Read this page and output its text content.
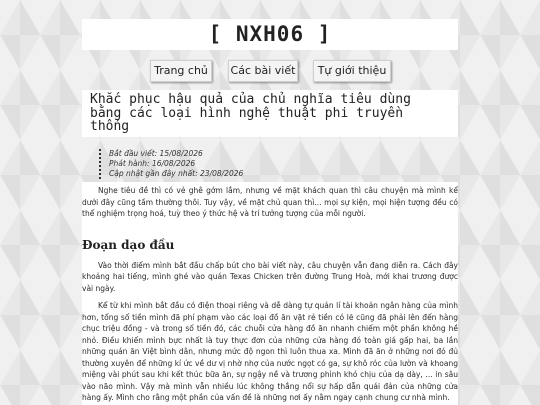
[ NXH06 ]
Trang chủ	Các bài viết	Tự giới thiệu
Khắc phục hậu quả của chủ nghĩa tiêu dùng bằng các loại hình nghệ thuật phi truyền thống
Bắt đầu viết: 15/08/2026
Phát hành: 16/08/2026
Cập nhật gần đây nhất: 23/08/2026

Nghe tiêu đề thì có vẻ ghê gớm lắm, nhưng về mặt khách quan thì câu chuyện mà mình kể dưới đây cũng tầm thường thôi. Tuy vậy, về mặt chủ quan thì... mọi sự kiện, mọi hiện tượng đều có thể nghiệm trọng hoá, tuỳ theo ý thức hệ và trí tưởng tượng của mỗi người.

Đoạn dạo đầu

Vào thời điểm mình bắt đầu chấp bút cho bài viết này, câu chuyện vẫn đang diễn ra. Cách đây khoảng hai tiếng, mình ghé vào quán Texas Chicken trên đường Trung Hoà, mới khai trương được vài ngày.

Kể từ khi mình bắt đầu có điện thoại riêng và dễ dàng tự quản lí tài khoản ngân hàng của mình hơn, tổng số tiền mình đã phí phạm vào các loại đồ ăn vặt rẻ tiền có lẽ cũng đã phải lên đến hàng chục triệu đồng - và trong số tiền đó, các chuỗi cửa hàng đồ ăn nhanh chiếm một phần không hề nhỏ. Điều khiến mình bực nhất là tuy thực đơn của những cửa hàng đó toàn giá gấp hai, ba lần những quán ăn Việt bình dân, nhưng mức độ ngon thì luôn thua xa. Mình đã ăn ở những nơi đó đủ thường xuyên để những kí ức về dư vị nhờ nhợ của nước ngọt có ga, sự khô róc của lườn và khoang miệng vài phút sau khi kết thúc bữa ăn, sự ngậy nề và trương phình khó chịu của dạ dày, ... in sâu vào não mình. Vậy mà mình vẫn nhiều lúc không thắng nổi sự hấp dẫn quái đản của những cửa hàng ấy. Mình cho rằng một phần của vấn đề là những nơi ấy nằm ngay cạnh chung cư nhà mình.
